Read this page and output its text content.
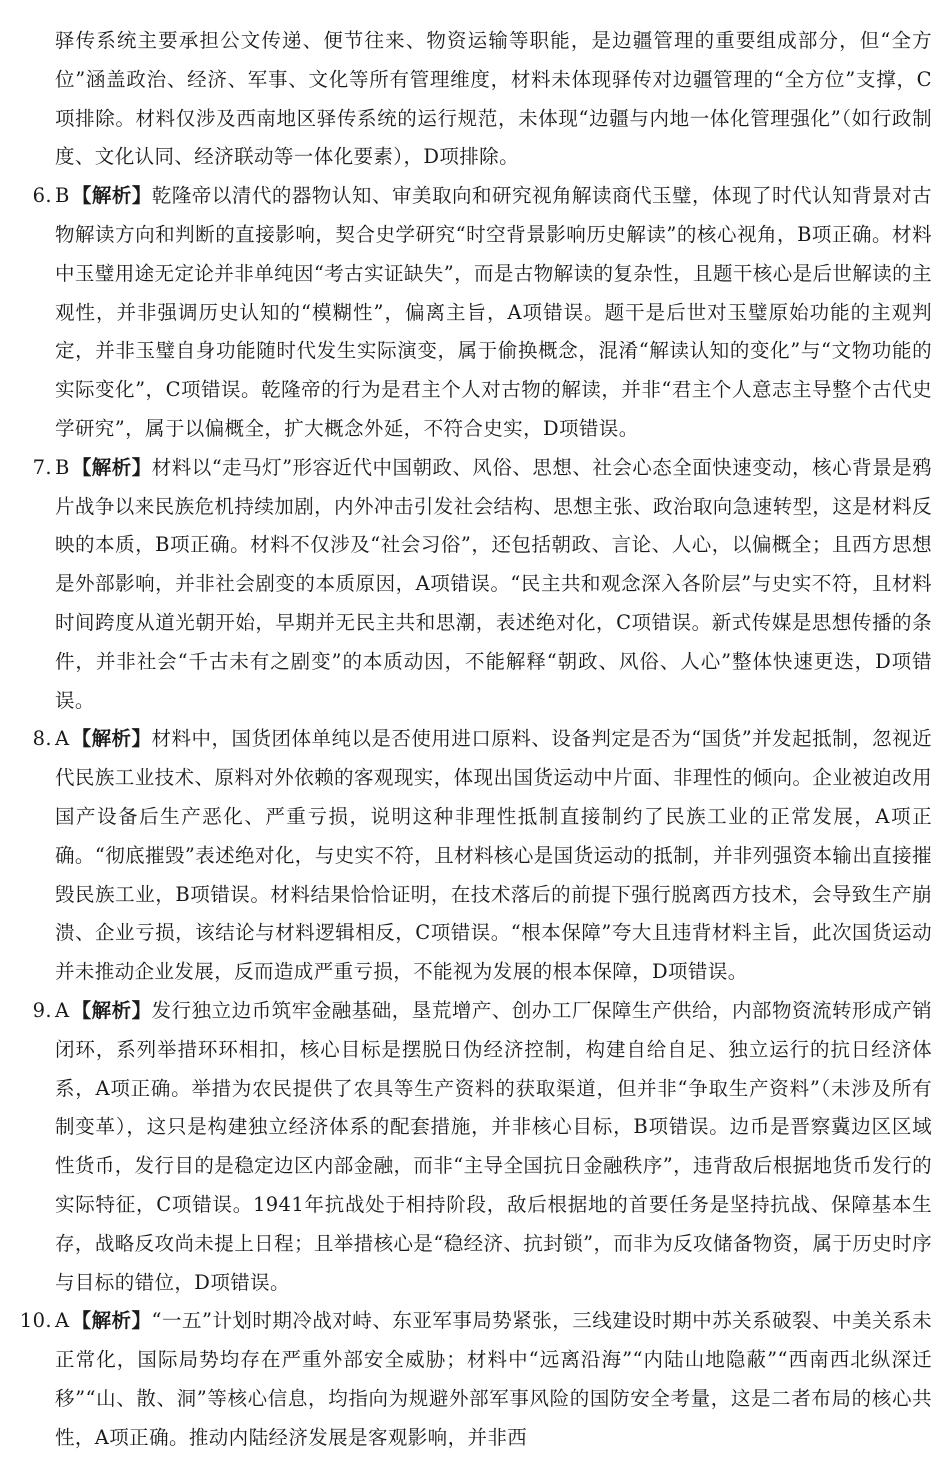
驿传系统主要承担公文传递、便节往来、物资运输等职能，是边疆管理的重要组成部分，但“全方位”涵盖政治、经济、军事、文化等所有管理维度，材料未体现驿传对边疆管理的“全方位”支撑，C项排除。材料仅涉及西南地区驿传系统的运行规范，未体现“边疆与内地一体化管理强化”（如行政制度、文化认同、经济联动等一体化要素），D项排除。
6. B 【解析】乾隆帝以清代的器物认知、审美取向和研究视角解读商代玉璧，体现了时代认知背景对古物解读方向和判断的直接影响，契合史学研究“时空背景影响历史解读”的核心视角，B项正确。材料中玉璧用途无定论并非单纯因“考古实证缺失”，而是古物解读的复杂性，且题干核心是后世解读的主观性，并非强调历史认知的“模糊性”，偏离主旨，A项错误。题干是后世对玉璧原始功能的主观判定，并非玉璧自身功能随时代发生实际演变，属于偷换概念，混淆“解读认知的变化”与“文物功能的实际变化”，C项错误。乾隆帝的行为是君主个人对古物的解读，并非“君主个人意志主导整个古代史学研究”，属于以偏概全，扩大概念外延，不符合史实，D项错误。
7. B 【解析】材料以“走马灯”形容近代中国朝政、风俗、思想、社会心态全面快速变动，核心背景是鸦片战争以来民族危机持续加剧，内外冲击引发社会结构、思想主张、政治取向急速转型，这是材料反映的本质，B项正确。材料不仅涉及“社会习俗”，还包括朝政、言论、人心，以偏概全；且西方思想是外部影响，并非社会剧变的本质原因，A项错误。“民主共和观念深入各阶层”与史实不符，且材料时间跨度从道光朝开始，早期并无民主共和思潮，表述绝对化，C项错误。新式传媒是思想传播的条件，并非社会“千古未有之剧变”的本质动因，不能解释“朝政、风俗、人心”整体快速更迭，D项错误。
8. A 【解析】材料中，国货团体单纯以是否使用进口原料、设备判定是否为“国货”并发起抵制，忽视近代民族工业技术、原料对外依赖的客观现实，体现出国货运动中片面、非理性的倾向。企业被迫改用国产设备后生产恶化、严重亏损，说明这种非理性抵制直接制约了民族工业的正常发展，A项正确。“彻底摧毁”表述绝对化，与史实不符，且材料核心是国货运动的抵制，并非列强资本输出直接摧毁民族工业，B项错误。材料结果恰恰证明，在技术落后的前提下强行脱离西方技术，会导致生产崩溃、企业亏损，该结论与材料逻辑相反，C项错误。“根本保障”夸大且违背材料主旨，此次国货运动并未推动企业发展，反而造成严重亏损，不能视为发展的根本保障，D项错误。
9. A 【解析】发行独立边币筑牢金融基础，垦荒增产、创办工厂保障生产供给，内部物资流转形成产销闭环，系列举措环环相扣，核心目标是摆脱日伪经济控制，构建自给自足、独立运行的抗日经济体系，A项正确。举措为农民提供了农具等生产资料的获取渠道，但并非“争取生产资料”（未涉及所有制变革），这只是构建独立经济体系的配套措施，并非核心目标，B项错误。边币是晋察冀边区区域性货币，发行目的是稳定边区内部金融，而非“主导全国抗日金融秩序”，违背敌后根据地货币发行的实际特征，C项错误。1941年抗战处于相持阶段，敌后根据地的首要任务是坚持抗战、保障基本生存，战略反攻尚未提上日程；且举措核心是“稳经济、抗封锁”，而非为反攻储备物资，属于历史时序与目标的错位，D项错误。
10. A 【解析】“一五”计划时期冷战对峙、东亚军事局势紧张，三线建设时期中苏关系破裂、中美关系未正常化，国际局势均存在严重外部安全威胁；材料中“远离沿海”“内陆山地隐蔽”“西南西北纵深迁移”“山、散、洞”等核心信息，均指向为规避外部军事风险的国防安全考量，这是二者布局的核心共性，A项正确。推动内陆经济发展是客观影响，并非西
